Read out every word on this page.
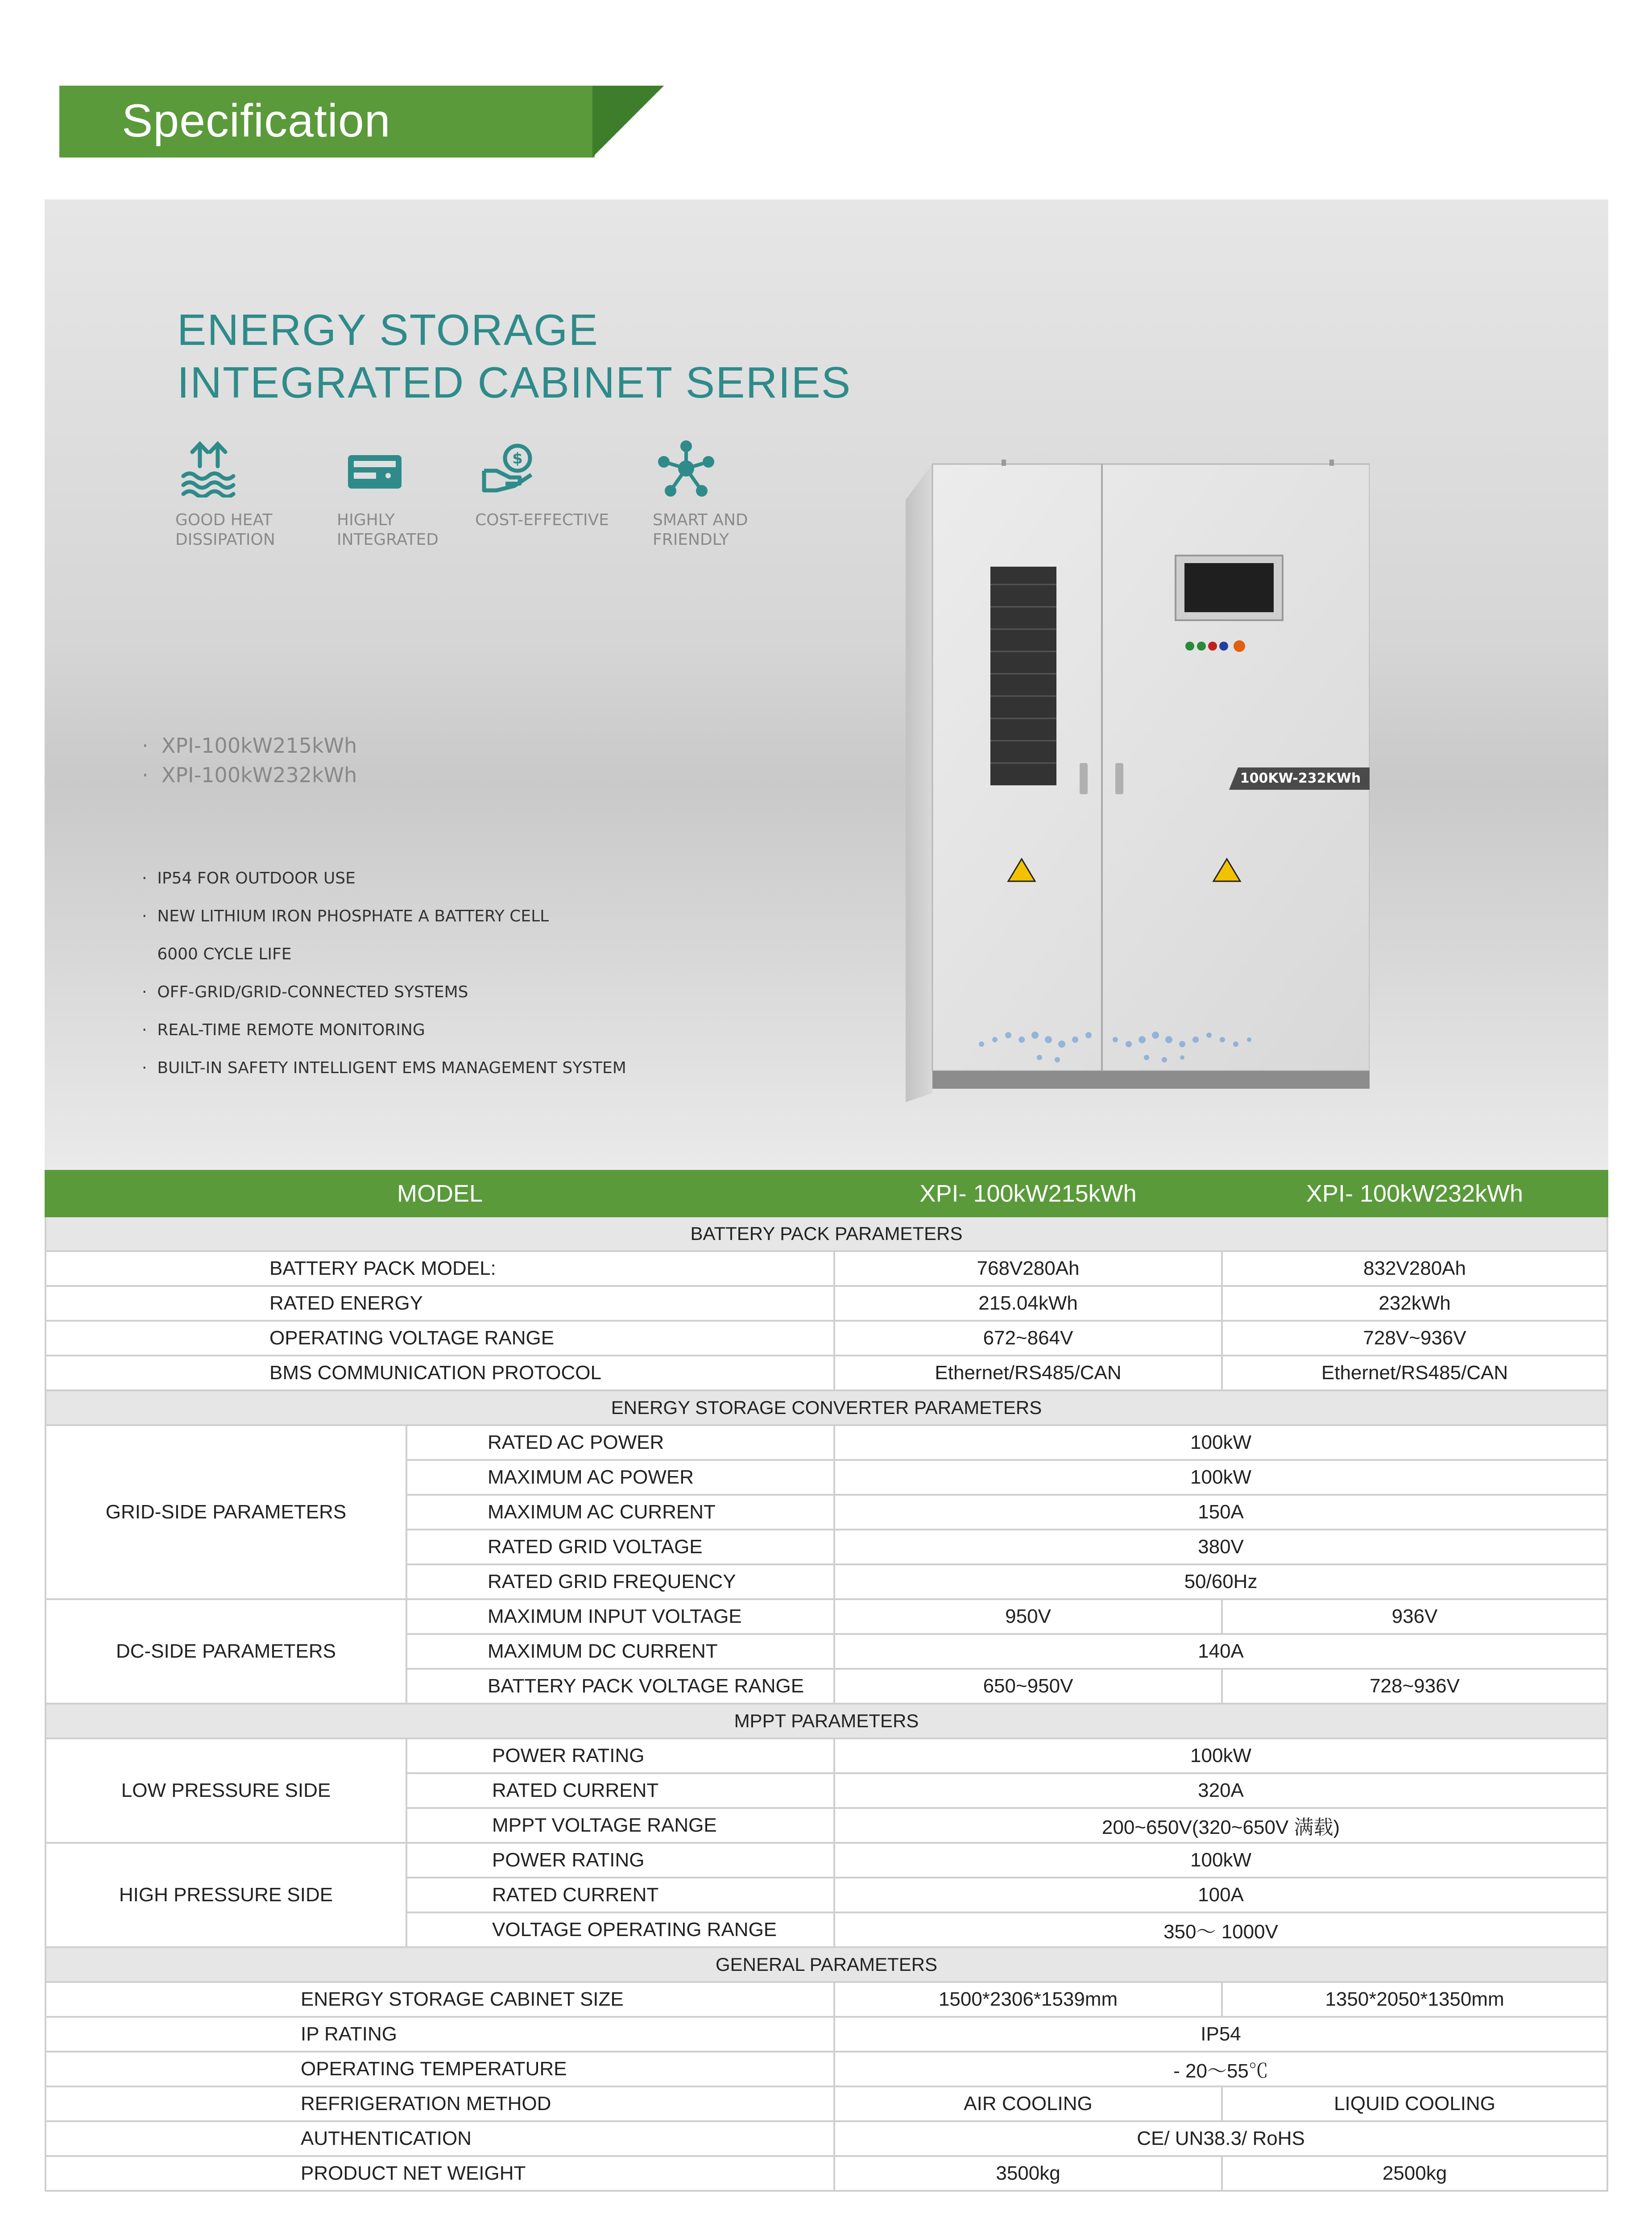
Specification
ENERGY STORAGE
INTEGRATED CABINET SERIES
GOOD HEAT
DISSIPATION
HIGHLY
INTEGRATED
$
COST-EFFECTIVE	SMART AND
FRIENDLY
·  XPI-100kW215kWh
·  XPI-100kW232kWh
·  IP54 FOR OUTDOOR USE
·  NEW LITHIUM IRON PHOSPHATE A BATTERY CELL
6000 CYCLE LIFE
·  OFF-GRID/GRID-CONNECTED SYSTEMS
·  REAL-TIME REMOTE MONITORING
·  BUILT-IN SAFETY INTELLIGENT EMS MANAGEMENT SYSTEM
100KW-232KWh
MODEL		XPI- 100kW215kWh	XPI- 100kW232kWh
BATTERY PACK PARAMETERS			
BATTERY PACK MODEL:		768V280Ah	832V280Ah
RATED ENERGY		215.04kWh	232kWh
OPERATING VOLTAGE RANGE		672~864V	728V~936V
BMS COMMUNICATION PROTOCOL		Ethernet/RS485/CAN	Ethernet/RS485/CAN
ENERGY STORAGE CONVERTER PARAMETERS			
GRID-SIDE PARAMETERS	RATED AC POWER	100kW	
	MAXIMUM AC POWER	100kW	
	MAXIMUM AC CURRENT	150A	
	RATED GRID VOLTAGE	380V	
	RATED GRID FREQUENCY	50/60Hz	
DC-SIDE PARAMETERS	MAXIMUM INPUT VOLTAGE	950V	936V
	MAXIMUM DC CURRENT	140A	
	BATTERY PACK VOLTAGE RANGE	650~950V	728~936V
MPPT PARAMETERS			
LOW PRESSURE SIDE	POWER RATING	100kW	
	RATED CURRENT	320A	
	MPPT VOLTAGE RANGE	200~650V(320~650V 满载)	
HIGH PRESSURE SIDE	POWER RATING	100kW	
	RATED CURRENT	100A	
	VOLTAGE OPERATING RANGE	350～ 1000V	
GENERAL PARAMETERS			
ENERGY STORAGE CABINET SIZE		1500*2306*1539mm	1350*2050*1350mm
IP RATING		IP54	
OPERATING TEMPERATURE		- 20～55℃	
REFRIGERATION METHOD		AIR COOLING	LIQUID COOLING
AUTHENTICATION		CE/ UN38.3/ RoHS	
PRODUCT NET WEIGHT		3500kg	2500kg
